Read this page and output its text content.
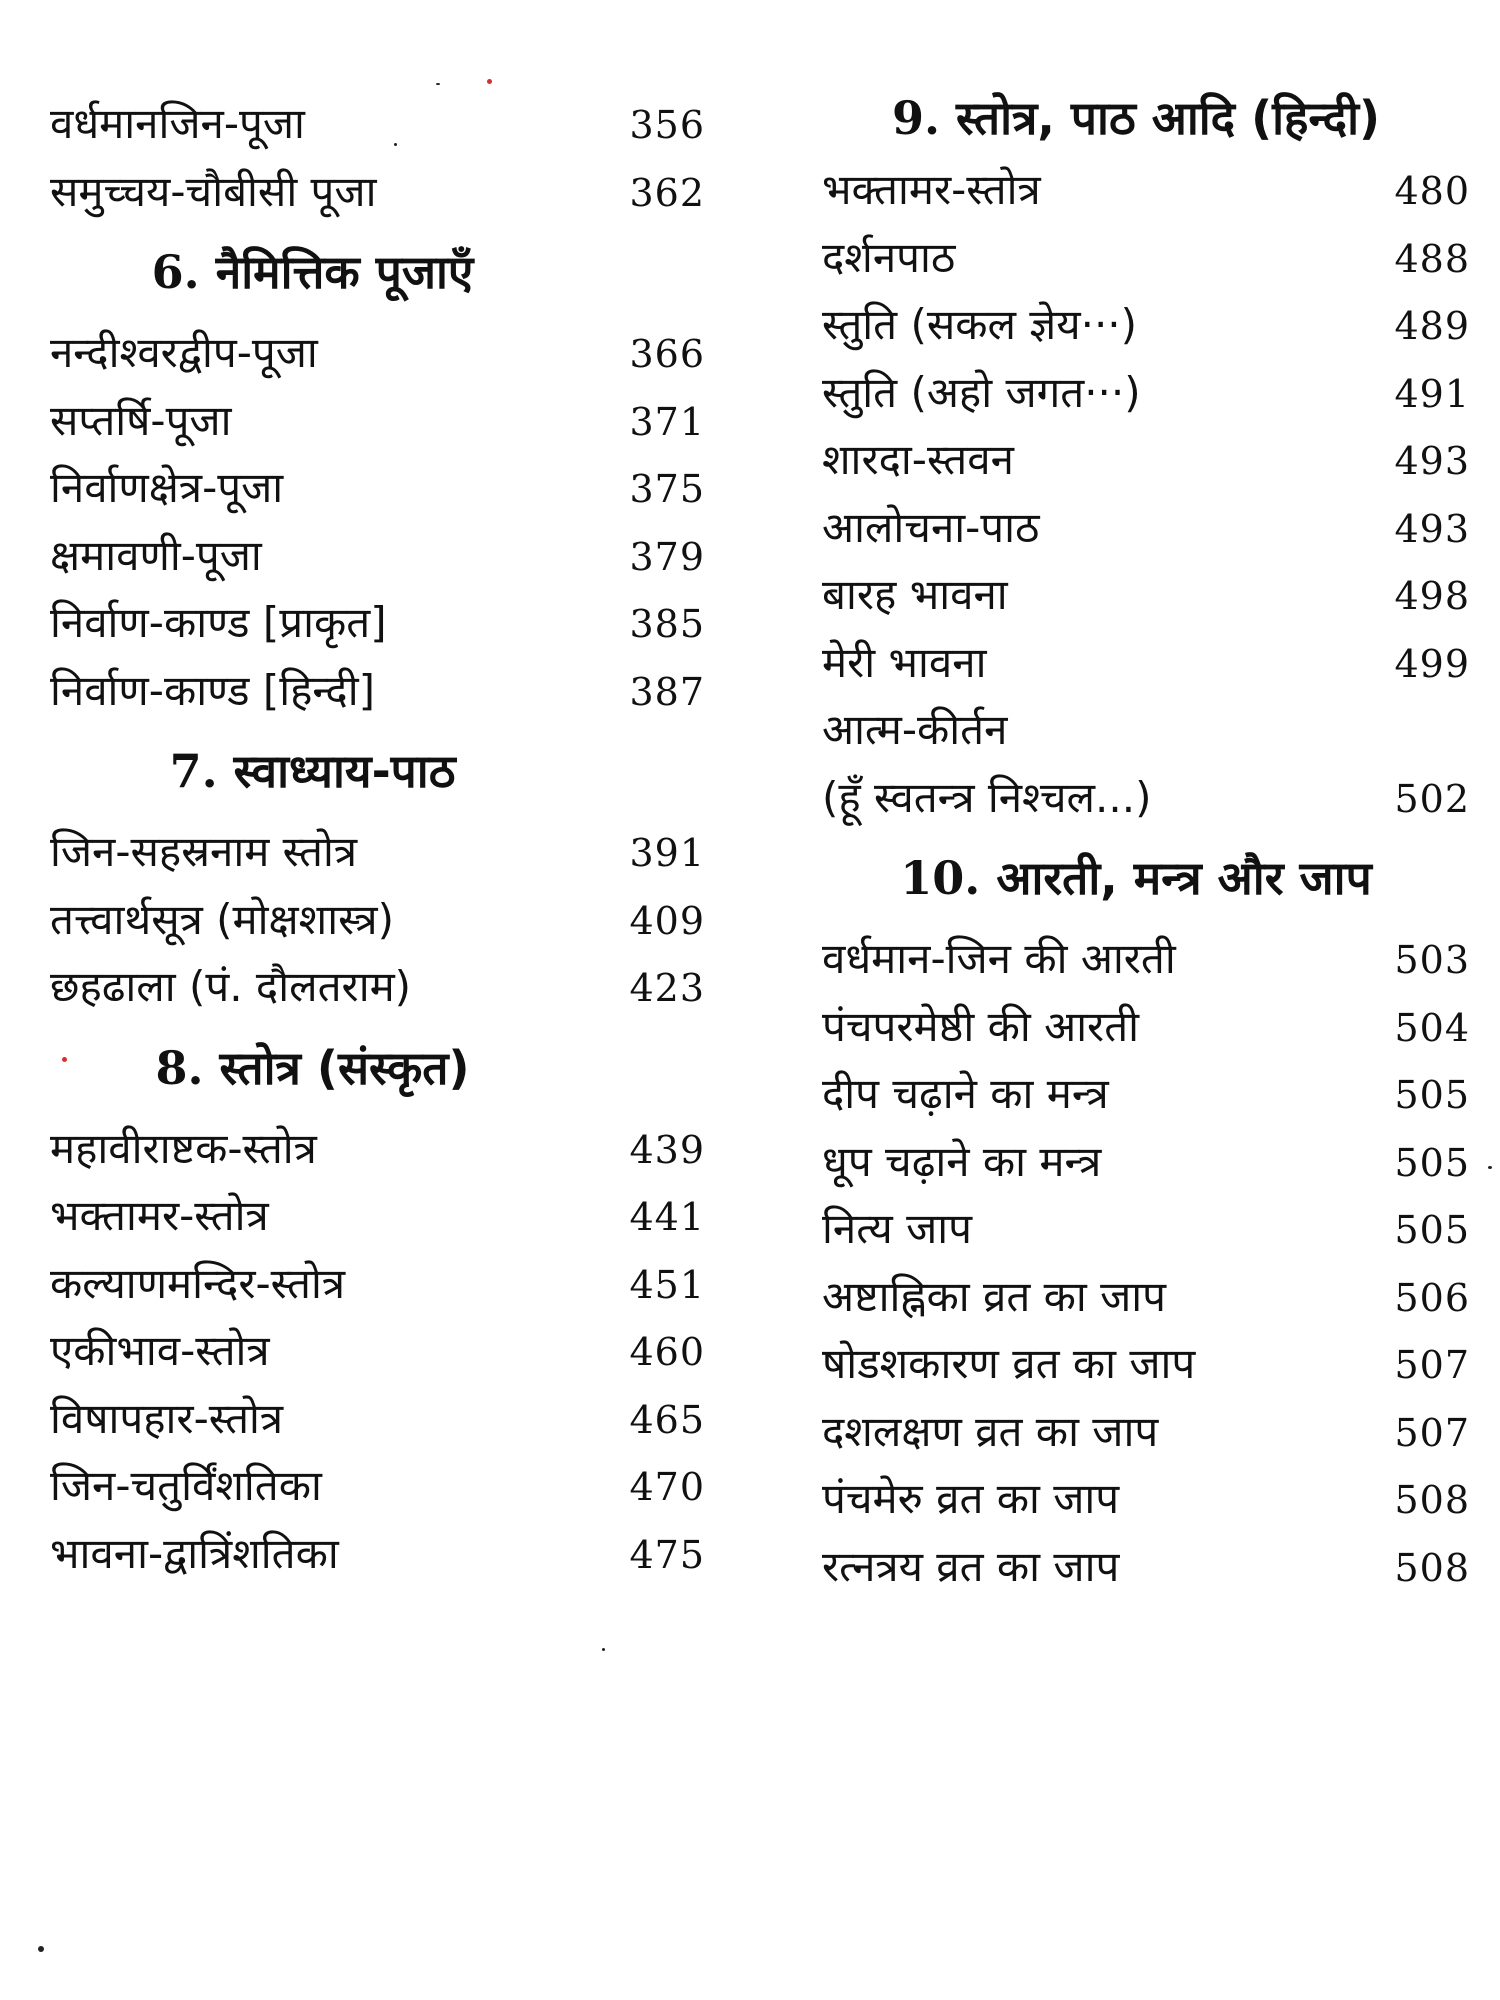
वर्धमानजिन-पूजा	356
समुच्चय-चौबीसी पूजा	362
6. नैमित्तिक पूजाएँ
नन्दीश्वरद्वीप-पूजा	366
सप्तर्षि-पूजा	371
निर्वाणक्षेत्र-पूजा	375
क्षमावणी-पूजा	379
निर्वाण-काण्ड [प्राकृत]	385
निर्वाण-काण्ड [हिन्दी]	387
7. स्वाध्याय-पाठ
जिन-सहस्रनाम स्तोत्र	391
तत्त्वार्थसूत्र (मोक्षशास्त्र)	409
छहढाला (पं. दौलतराम)	423
8. स्तोत्र (संस्कृत)
महावीराष्टक-स्तोत्र	439
भक्तामर-स्तोत्र	441
कल्याणमन्दिर-स्तोत्र	451
एकीभाव-स्तोत्र	460
विषापहार-स्तोत्र	465
जिन-चतुर्विंशतिका	470
भावना-द्वात्रिंशतिका	475
9. स्तोत्र, पाठ आदि (हिन्दी)
भक्तामर-स्तोत्र	480
दर्शनपाठ	488
स्तुति (सकल ज्ञेय···)	489
स्तुति (अहो जगत···)	491
शारदा-स्तवन	493
आलोचना-पाठ	493
बारह भावना	498
मेरी भावना	499
आत्म-कीर्तन
(हूँ स्वतन्त्र निश्चल...)	502
10. आरती, मन्त्र और जाप
वर्धमान-जिन की आरती	503
पंचपरमेष्ठी की आरती	504
दीप चढ़ाने का मन्त्र	505
धूप चढ़ाने का मन्त्र	505
नित्य जाप	505
अष्टाह्निका व्रत का जाप	506
षोडशकारण व्रत का जाप	507
दशलक्षण व्रत का जाप	507
पंचमेरु व्रत का जाप	508
रत्नत्रय व्रत का जाप	508
